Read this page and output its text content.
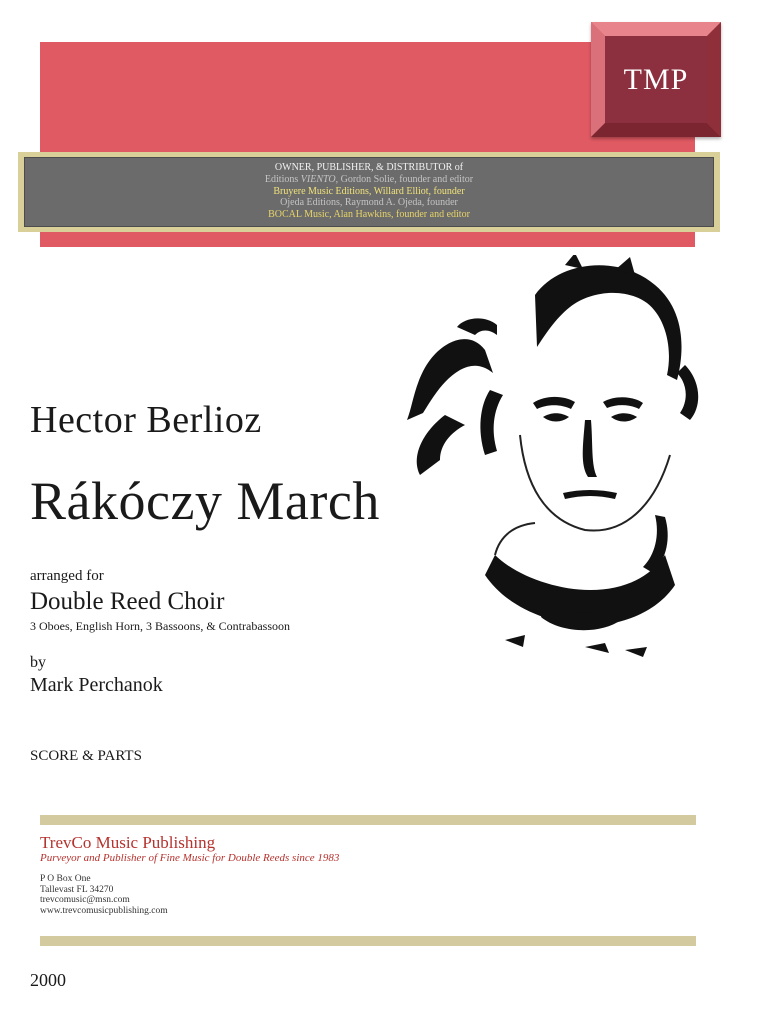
TMP
OWNER, PUBLISHER, & DISTRIBUTOR of
Editions VIENTO, Gordon Solie, founder and editor
Bruyere Music Editions, Willard Elliot, founder
Ojeda Editions, Raymond A. Ojeda, founder
BOCAL Music, Alan Hawkins, founder and editor
Hector Berlioz
Rákóczy March
arranged for
Double Reed Choir
3 Oboes, English Horn, 3 Bassoons, & Contrabassoon
by
Mark Perchanok
SCORE & PARTS
TrevCo Music Publishing
Purveyor and Publisher of Fine Music for Double Reeds since 1983
P O Box One
Tallevast FL 34270
trevcomusic@msn.com
www.trevcomusicpublishing.com
2000
